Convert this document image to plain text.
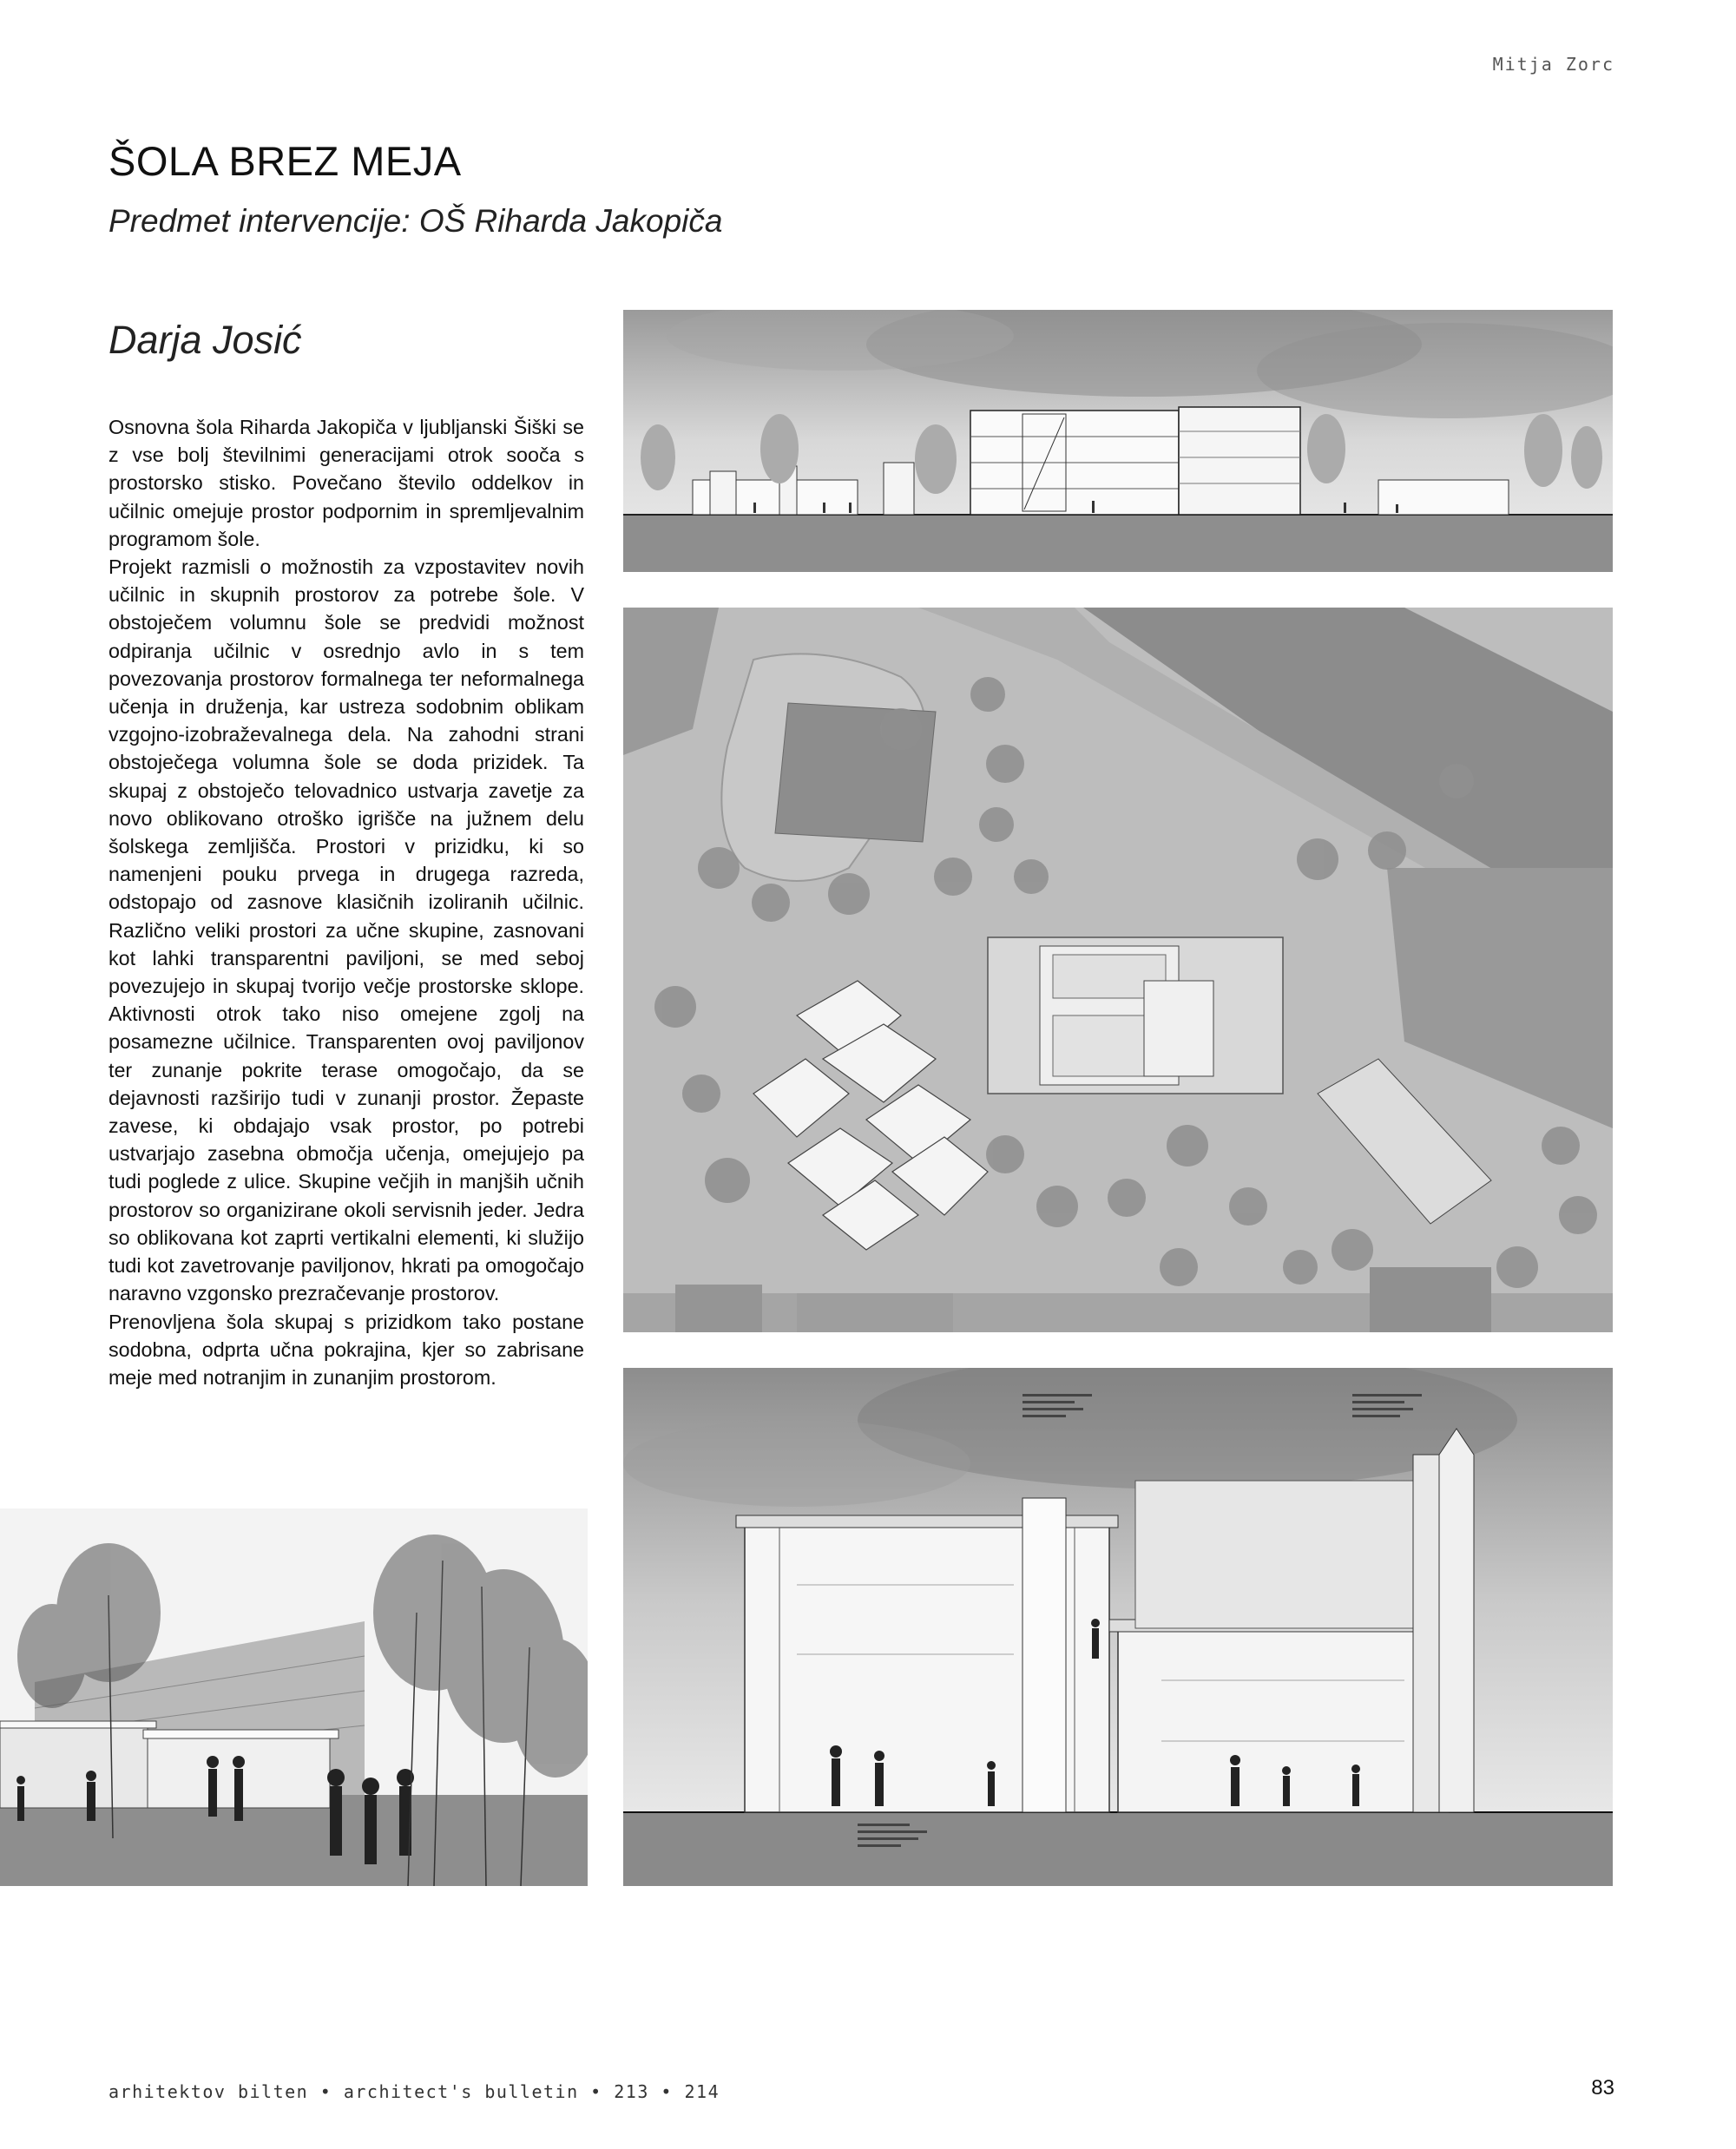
Mitja Zorc
ŠOLA BREZ MEJA
Predmet intervencije: OŠ Riharda Jakopiča
Darja Josić

Osnovna šola Riharda Jakopiča v ljubljanski Šiški se z vse bolj številnimi generacijami otrok sooča s prostorsko stisko. Povečano število oddelkov in učilnic omejuje prostor podpornim in spremljevalnim programom šole.

Projekt razmisli o možnostih za vzpostavitev novih učilnic in skupnih prostorov za potrebe šole. V obstoječem volumnu šole se predvidi možnost odpiranja učilnic v osrednjo avlo in s tem povezovanja prostorov formalnega ter neformalnega učenja in druženja, kar ustreza sodobnim oblikam vzgojno-izobraževalnega dela. Na zahodni strani obstoječega volumna šole se doda prizidek. Ta skupaj z obstoječo telovadnico ustvarja zavetje za novo oblikovano otroško igrišče na južnem delu šolskega zemljišča. Prostori v prizidku, ki so namenjeni pouku prvega in drugega razreda, odstopajo od zasnove klasičnih izoliranih učilnic. Različno veliki prostori za učne skupine, zasnovani kot lahki transparentni paviljoni, se med seboj povezujejo in skupaj tvorijo večje prostorske sklope. Aktivnosti otrok tako niso omejene zgolj na posamezne učilnice. Transparenten ovoj paviljonov ter zunanje pokrite terase omogočajo, da se dejavnosti razširijo tudi v zunanji prostor. Žepaste zavese, ki obdajajo vsak prostor, po potrebi ustvarjajo zasebna območja učenja, omejujejo pa tudi poglede z ulice. Skupine večjih in manjših učnih prostorov so organizirane okoli servisnih jeder. Jedra so oblikovana kot zaprti vertikalni elementi, ki služijo tudi kot zavetrovanje paviljonov, hkrati pa omogočajo naravno vzgonsko prezračevanje prostorov.

Prenovljena šola skupaj s prizidkom tako postane sodobna, odprta učna pokrajina, kjer so zabrisane meje med notranjim in zunanjim prostorom.

arhitektov bilten • architect's bulletin • 213 • 214	83
